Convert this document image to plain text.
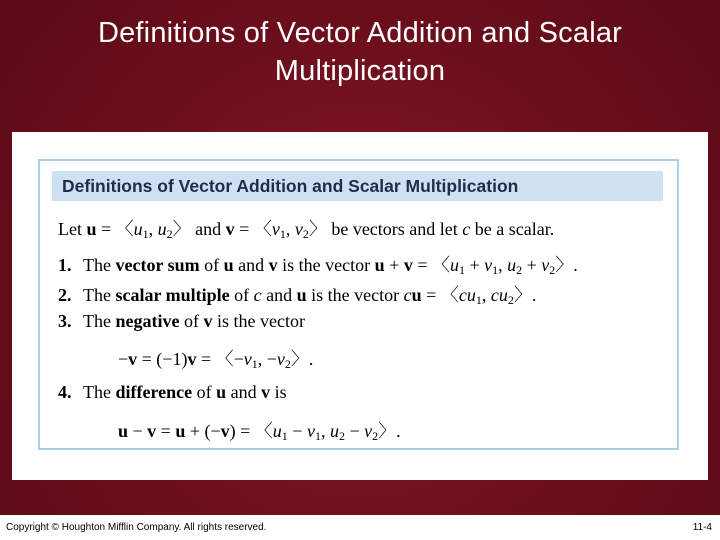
Definitions of Vector Addition and Scalar
Multiplication
Definitions of Vector Addition and Scalar Multiplication
Let u = 〈$u_1$, $u_2$〉 and v = 〈$v_1$, $v_2$〉 be vectors and let c be a scalar.
1. The vector sum of u and v is the vector u + v = 〈$u_1 + v_1$, $u_2 + v_2$〉.
2. The scalar multiple of c and u is the vector cu = 〈$cu_1$, $cu_2$〉.
3. The negative of v is the vector
−v = (−1)v = 〈$-v_1$, $-v_2$〉.
4. The difference of u and v is
u − v = u + (−v) = 〈$u_1 - v_1$, $u_2 - v_2$〉.
Copyright © Houghton Mifflin Company. All rights reserved.	11-4
